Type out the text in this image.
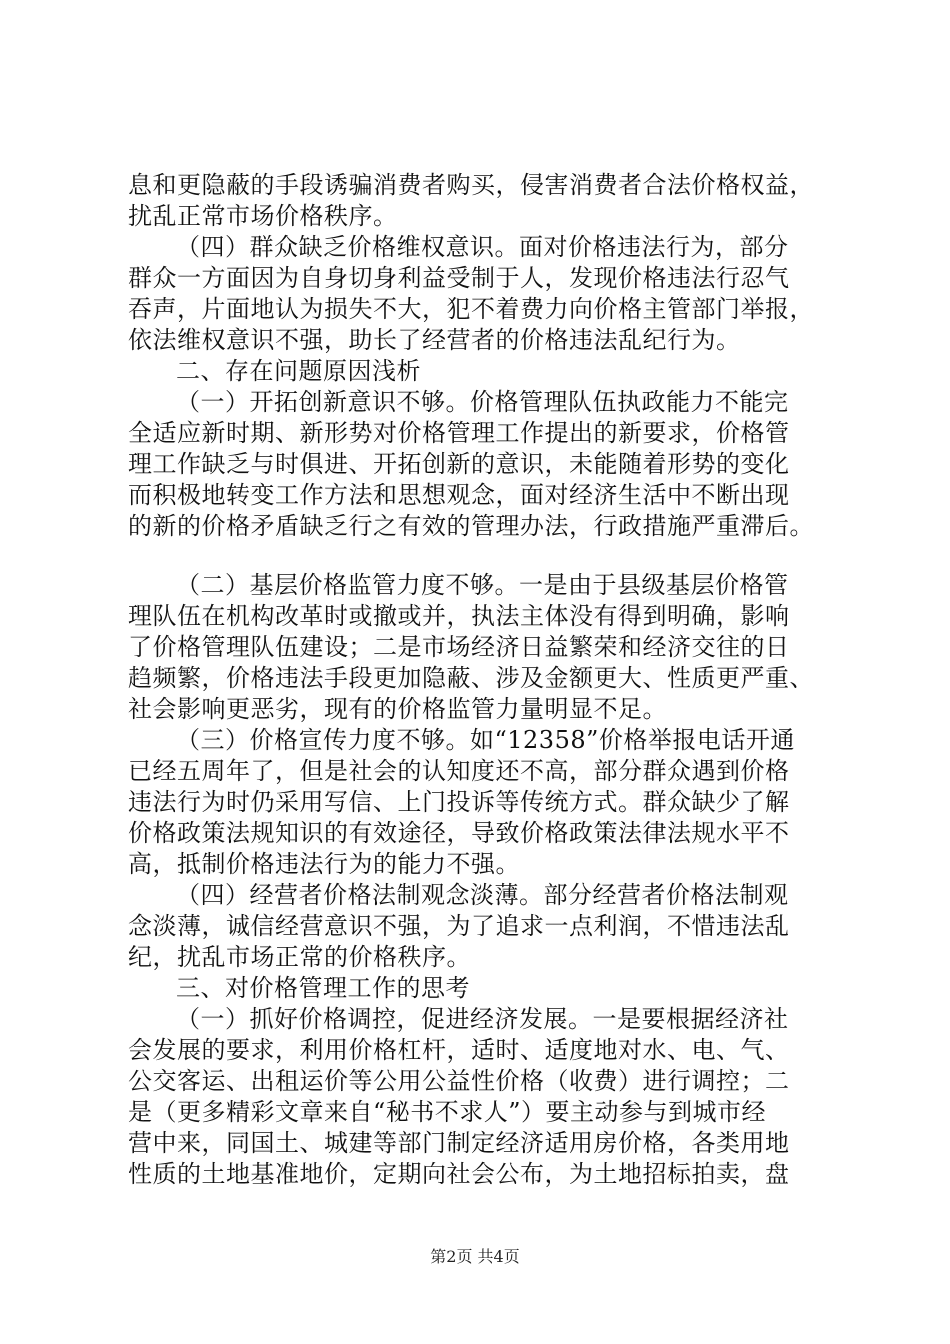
息和更隐蔽的手段诱骗消费者购买，侵害消费者合法价格权益，
扰乱正常市场价格秩序。
（四）群众缺乏价格维权意识。面对价格违法行为，部分
群众一方面因为自身切身利益受制于人，发现价格违法行忍气
吞声，片面地认为损失不大，犯不着费力向价格主管部门举报，
依法维权意识不强，助长了经营者的价格违法乱纪行为。
二、存在问题原因浅析
（一）开拓创新意识不够。价格管理队伍执政能力不能完
全适应新时期、新形势对价格管理工作提出的新要求，价格管
理工作缺乏与时俱进、开拓创新的意识，未能随着形势的变化
而积极地转变工作方法和思想观念，面对经济生活中不断出现
的新的价格矛盾缺乏行之有效的管理办法，行政措施严重滞后。
（二）基层价格监管力度不够。一是由于县级基层价格管
理队伍在机构改革时或撤或并，执法主体没有得到明确，影响
了价格管理队伍建设；二是市场经济日益繁荣和经济交往的日
趋频繁，价格违法手段更加隐蔽、涉及金额更大、性质更严重、
社会影响更恶劣，现有的价格监管力量明显不足。
（三）价格宣传力度不够。如“12358”价格举报电话开通
已经五周年了，但是社会的认知度还不高，部分群众遇到价格
违法行为时仍采用写信、上门投诉等传统方式。群众缺少了解
价格政策法规知识的有效途径，导致价格政策法律法规水平不
高，抵制价格违法行为的能力不强。
（四）经营者价格法制观念淡薄。部分经营者价格法制观
念淡薄，诚信经营意识不强，为了追求一点利润，不惜违法乱
纪，扰乱市场正常的价格秩序。
三、对价格管理工作的思考
（一）抓好价格调控，促进经济发展。一是要根据经济社
会发展的要求，利用价格杠杆，适时、适度地对水、电、气、
公交客运、出租运价等公用公益性价格（收费）进行调控；二
是（更多精彩文章来自“秘书不求人”）要主动参与到城市经
营中来，同国土、城建等部门制定经济适用房价格，各类用地
性质的土地基准地价，定期向社会公布，为土地招标拍卖，盘
第2页 共4页
